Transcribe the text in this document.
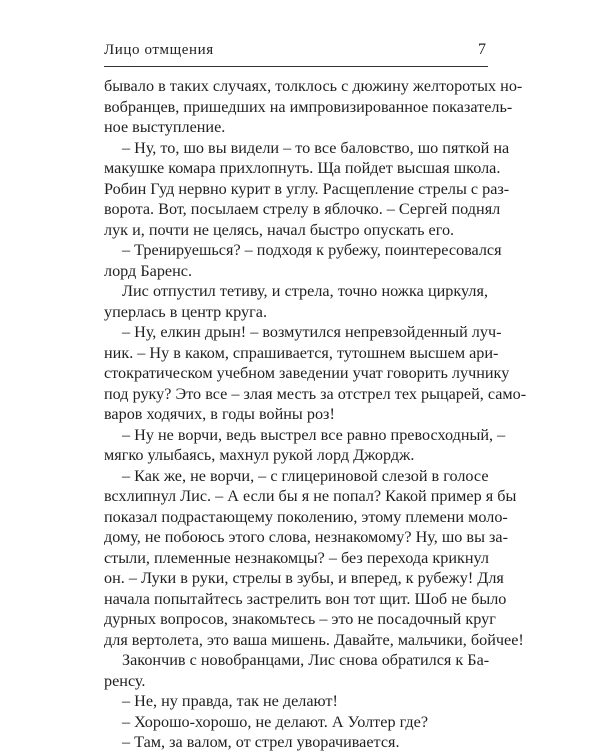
Лицо отмщения	7

бывало в таких случаях, толклось с дюжину желторотых но-
вобранцев, пришедших на импровизированное показатель-
ное выступление.

– Ну, то, шо вы видели – то все баловство, шо пяткой на
макушке комара прихлопнуть. Ща пойдет высшая школа.
Робин Гуд нервно курит в углу. Расщепление стрелы с раз-
ворота. Вот, посылаем стрелу в яблочко. – Сергей поднял
лук и, почти не целясь, начал быстро опускать его.

– Тренируешься? – подходя к рубежу, поинтересовался
лорд Баренс.

Лис отпустил тетиву, и стрела, точно ножка циркуля,
уперлась в центр круга.

– Ну, елкин дрын! – возмутился непревзойденный луч-
ник. – Ну в каком, спрашивается, тутошнем высшем ари-
стократическом учебном заведении учат говорить лучнику
под руку? Это все – злая месть за отстрел тех рыцарей, само-
варов ходячих, в годы войны роз!

– Ну не ворчи, ведь выстрел все равно превосходный, –
мягко улыбаясь, махнул рукой лорд Джордж.

– Как же, не ворчи, – с глицериновой слезой в голосе
всхлипнул Лис. – А если бы я не попал? Какой пример я бы
показал подрастающему поколению, этому племени моло-
дому, не побоюсь этого слова, незнакомому? Ну, шо вы за-
стыли, племенные незнакомцы? – без перехода крикнул
он. – Луки в руки, стрелы в зубы, и вперед, к рубежу! Для
начала попытайтесь застрелить вон тот щит. Шоб не было
дурных вопросов, знакомьтесь – это не посадочный круг
для вертолета, это ваша мишень. Давайте, мальчики, бойчее!

Закончив с новобранцами, Лис снова обратился к Ба-
ренсу.

– Не, ну правда, так не делают!

– Хорошо-хорошо, не делают. А Уолтер где?

– Там, за валом, от стрел уворачивается.
